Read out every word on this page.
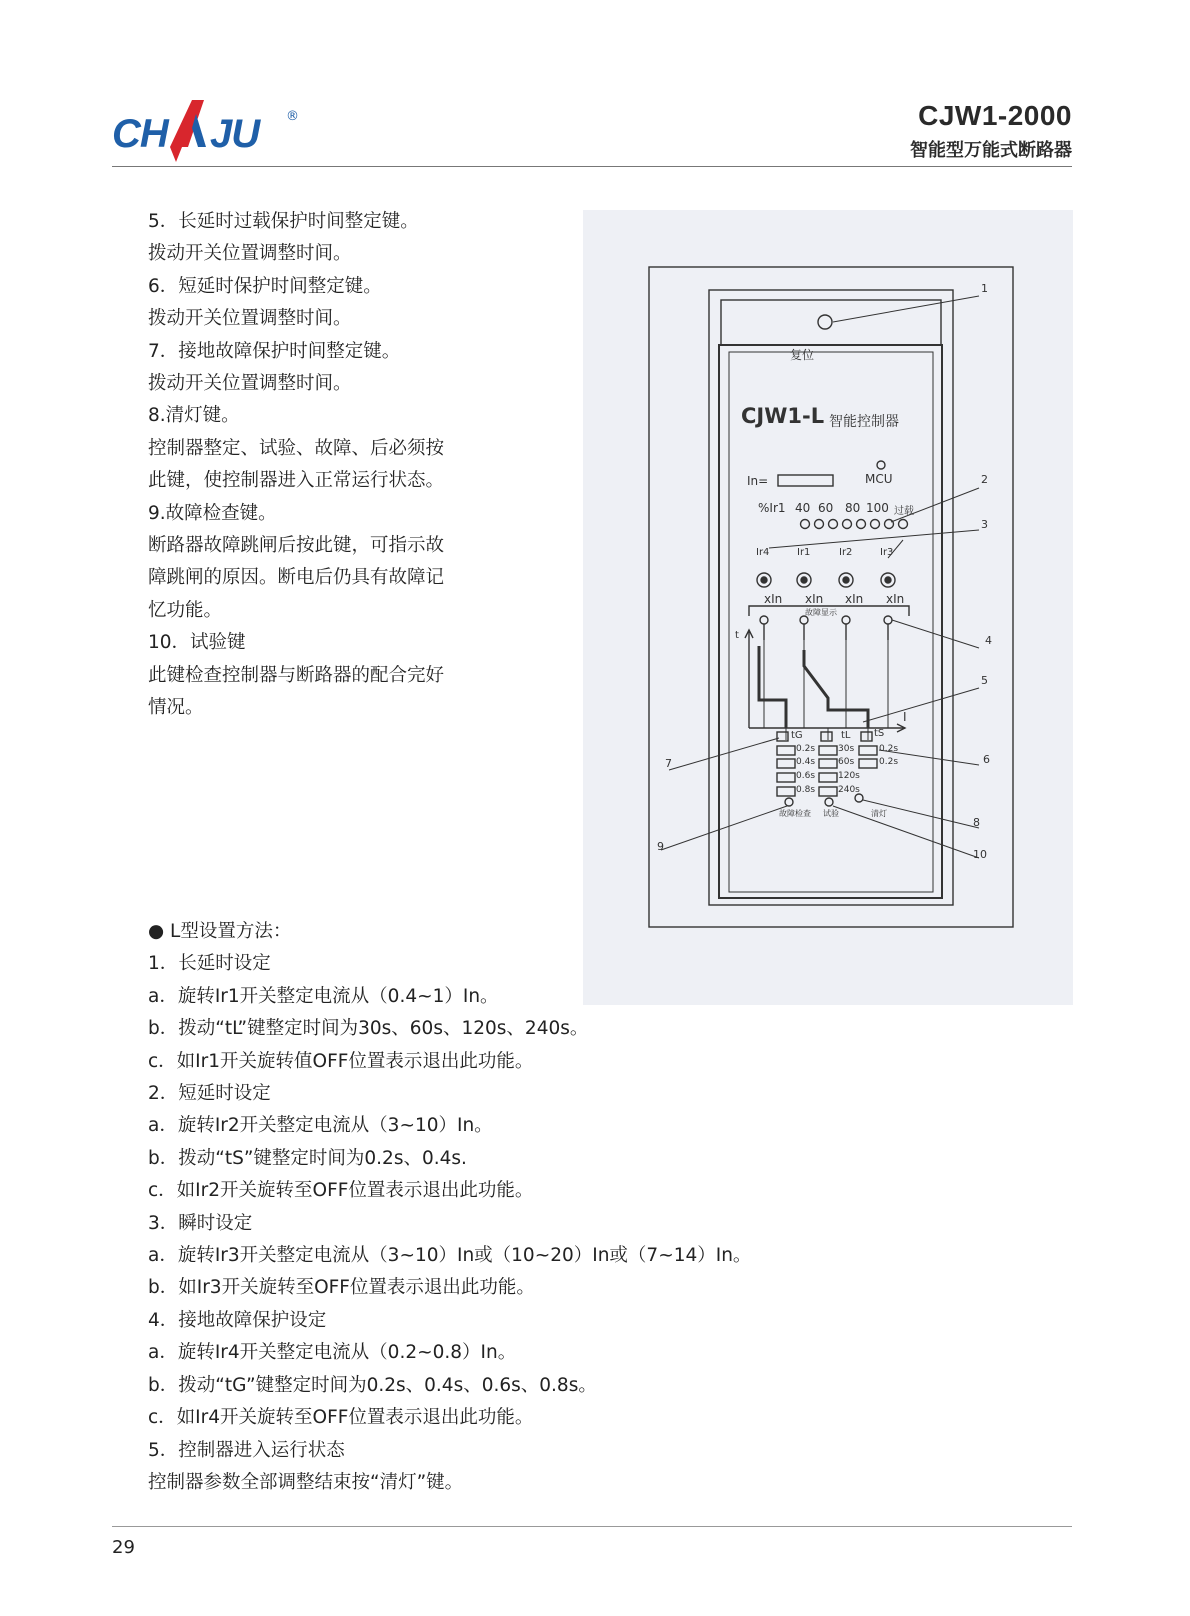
CH JU ®	CJW1-2000
智能型万能式断路器

5．长延时过载保护时间整定键。

拨动开关位置调整时间。

6．短延时保护时间整定键。

拨动开关位置调整时间。

7．接地故障保护时间整定键。

拨动开关位置调整时间。

8.清灯键。

控制器整定、试验、故障、后必须按

此键，使控制器进入正常运行状态。

9.故障检查键。

断路器故障跳闸后按此键，可指示故

障跳闸的原因。断电后仍具有故障记

忆功能。

10．试验键

此键检查控制器与断路器的配合完好

情况。

● L型设置方法：

1．长延时设定

a．旋转Ir1开关整定电流从（0.4~1）In。

b．拨动“tL”键整定时间为30s、60s、120s、240s。

c．如Ir1开关旋转值OFF位置表示退出此功能。

2．短延时设定

a．旋转Ir2开关整定电流从（3~10）In。

b．拨动“tS”键整定时间为0.2s、0.4s.

c．如Ir2开关旋转至OFF位置表示退出此功能。

3．瞬时设定

a．旋转Ir3开关整定电流从（3~10）In或（10~20）In或（7~14）In。

b．如Ir3开关旋转至OFF位置表示退出此功能。

4．接地故障保护设定

a．旋转Ir4开关整定电流从（0.2~0.8）In。

b．拨动“tG”键整定时间为0.2s、0.4s、0.6s、0.8s。

c．如Ir4开关旋转至OFF位置表示退出此功能。

5．控制器进入运行状态

控制器参数全部调整结束按“清灯”键。

复位
CJW1-L 智能控制器
In=	MCU
%Ir1 40 60 80 100 过载
Ir4	Ir1	Ir2	Ir3
xIn xIn xIn xIn
故障显示
t
I
tG	tL tS
0.2s
0.4s
0.6s
0.8s
30s
60s
120s
240s
0.2s
0.2s
故障检查 试验	清灯
1
2
3
4
5
6
7
8
9
10
29
